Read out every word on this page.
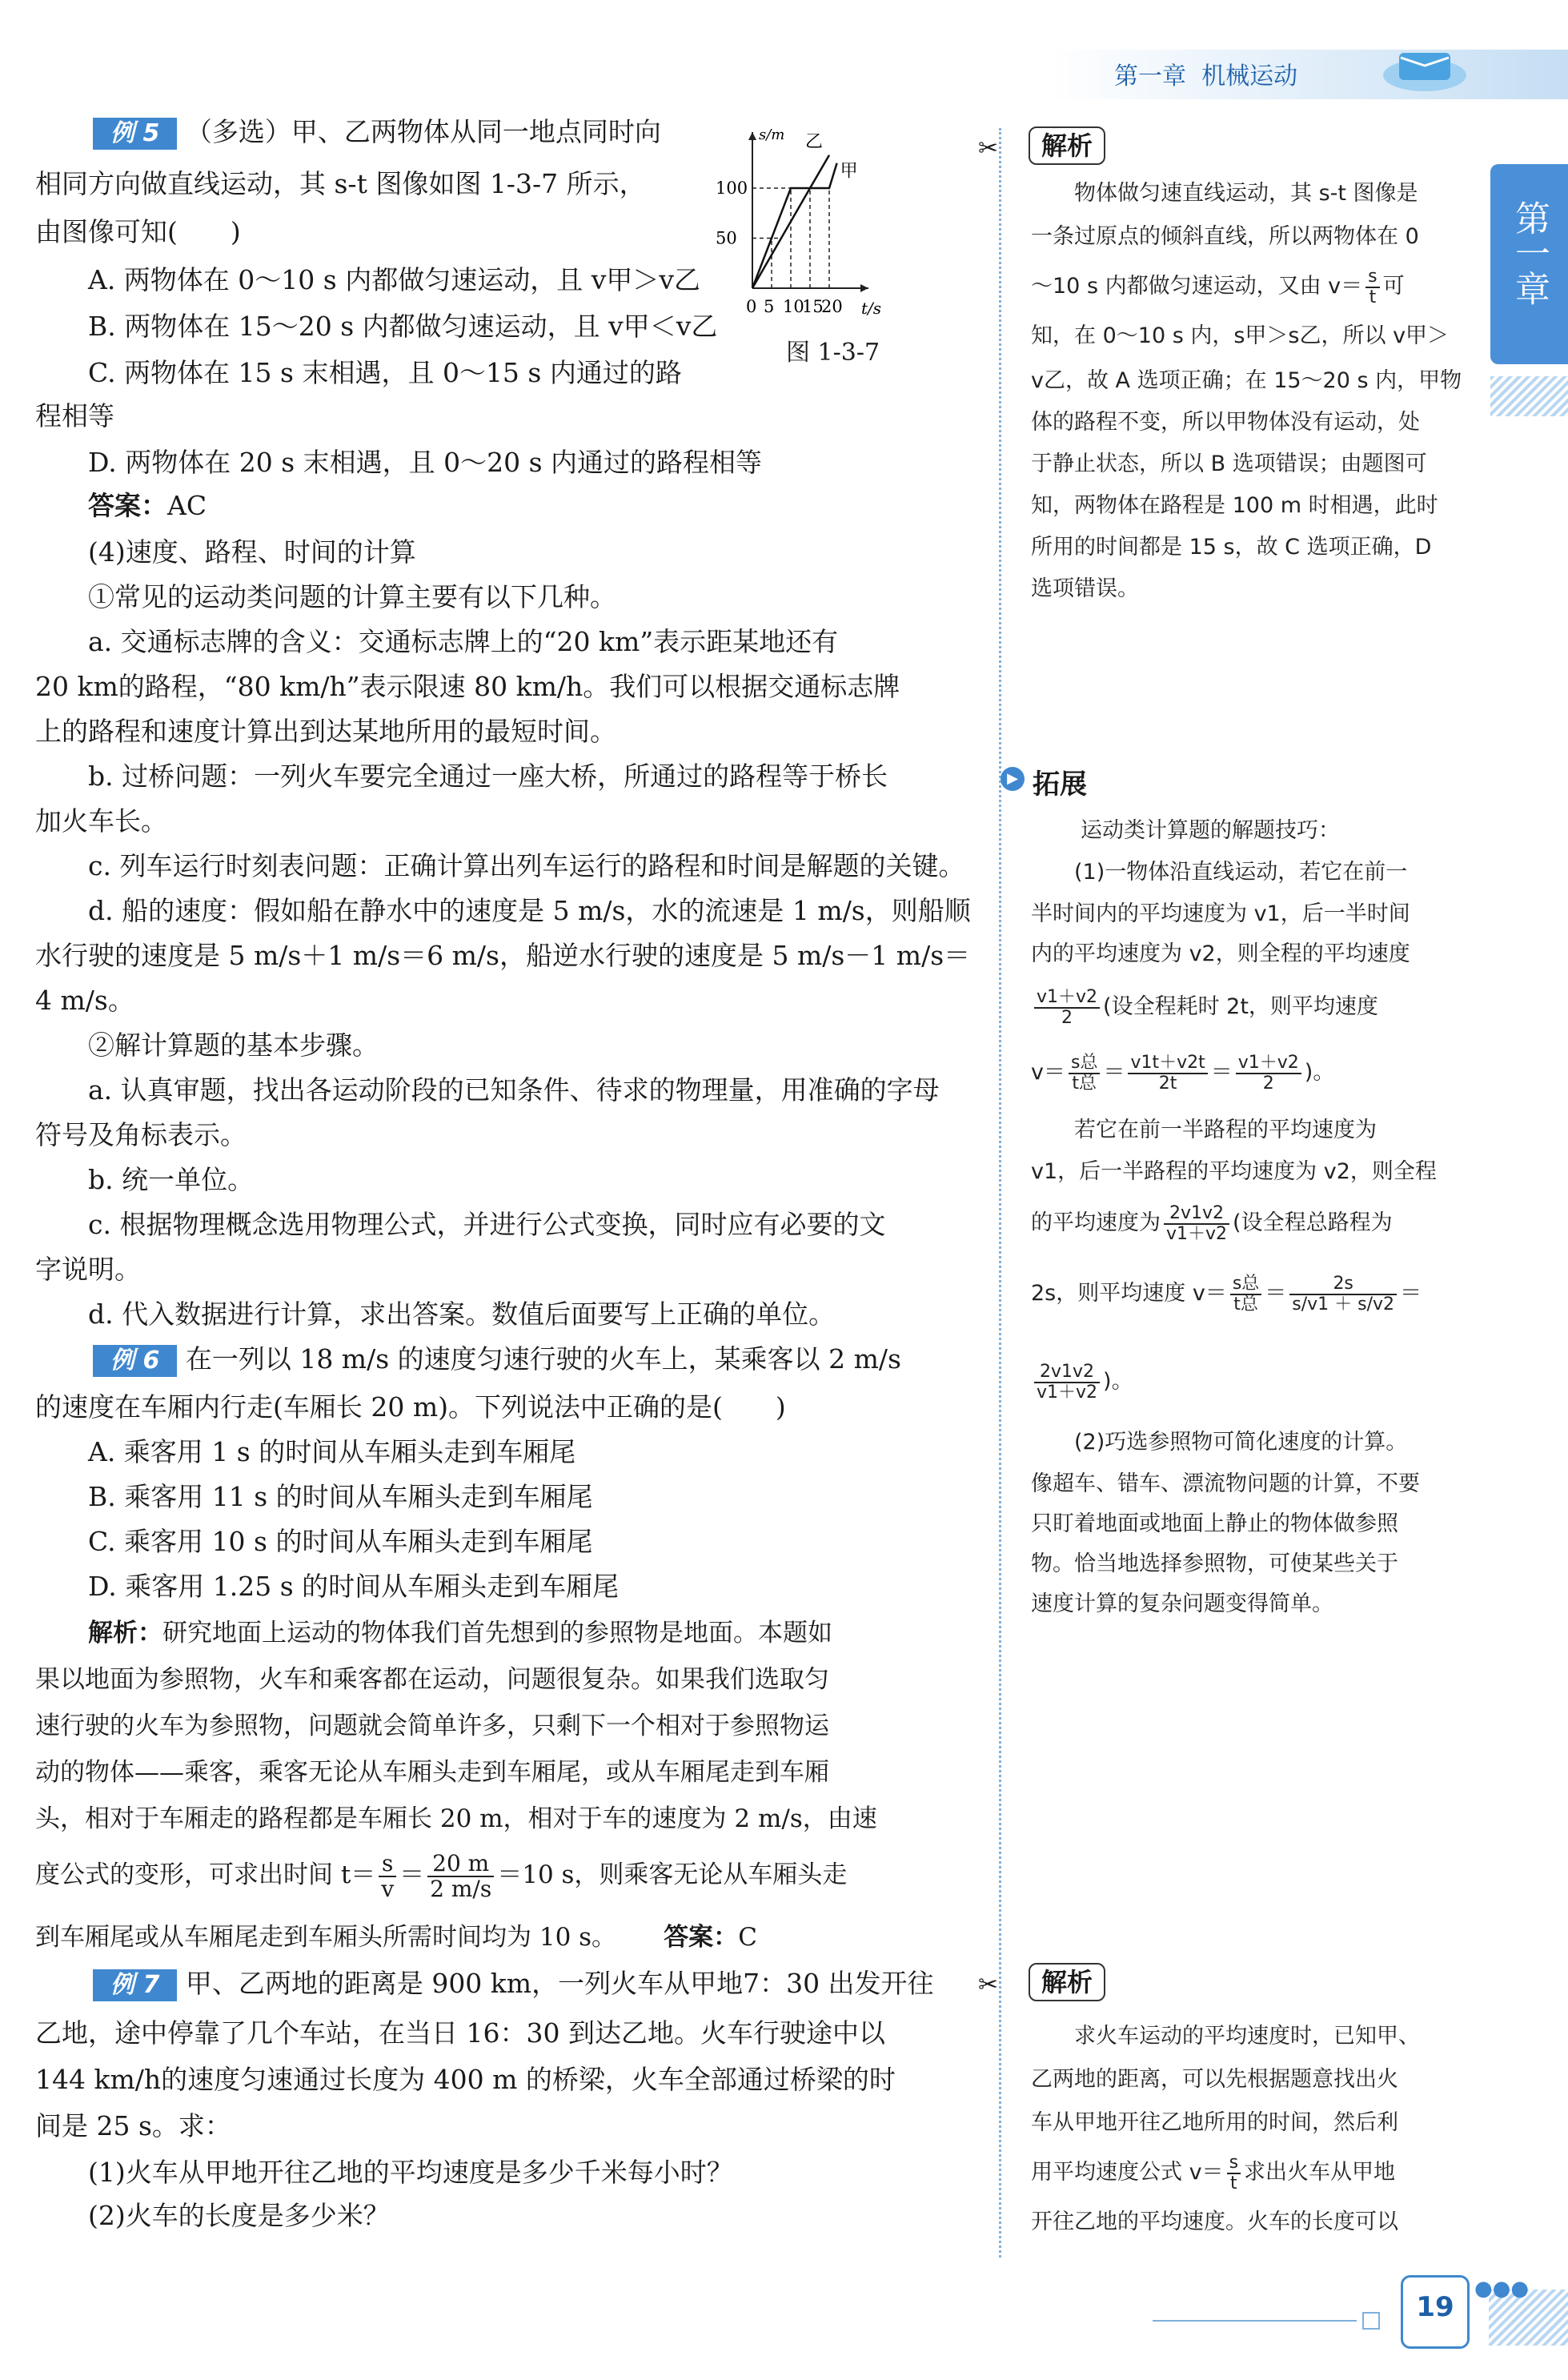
第一章 机械运动
第一章
例 5 （多选）甲、乙两物体从同一地点同时向
相同方向做直线运动，其 s-t 图像如图 1-3-7 所示，
由图像可知(　　)
A. 两物体在 0～10 s 内都做匀速运动，且 v甲＞v乙
B. 两物体在 15～20 s 内都做匀速运动，且 v甲＜v乙
C. 两物体在 15 s 末相遇，且 0～15 s 内通过的路
程相等
D. 两物体在 20 s 末相遇，且 0～20 s 内通过的路程相等
答案：AC
s/m
t/s
0 5 10
15
20
100
50
乙
甲
图 1-3-7
(4)速度、路程、时间的计算
①常见的运动类问题的计算主要有以下几种。
a. 交通标志牌的含义：交通标志牌上的“20 km”表示距某地还有
20 km的路程，“80 km/h”表示限速 80 km/h。我们可以根据交通标志牌
上的路程和速度计算出到达某地所用的最短时间。
b. 过桥问题：一列火车要完全通过一座大桥，所通过的路程等于桥长
加火车长。
c. 列车运行时刻表问题：正确计算出列车运行的路程和时间是解题的关键。
d. 船的速度：假如船在静水中的速度是 5 m/s，水的流速是 1 m/s，则船顺
水行驶的速度是 5 m/s＋1 m/s＝6 m/s，船逆水行驶的速度是 5 m/s－1 m/s＝
4 m/s。
②解计算题的基本步骤。
a. 认真审题，找出各运动阶段的已知条件、待求的物理量，用准确的字母
符号及角标表示。
b. 统一单位。
c. 根据物理概念选用物理公式，并进行公式变换，同时应有必要的文
字说明。
d. 代入数据进行计算，求出答案。数值后面要写上正确的单位。
例 6 在一列以 18 m/s 的速度匀速行驶的火车上，某乘客以 2 m/s
的速度在车厢内行走(车厢长 20 m)。下列说法中正确的是(　　)
A. 乘客用 1 s 的时间从车厢头走到车厢尾
B. 乘客用 11 s 的时间从车厢头走到车厢尾
C. 乘客用 10 s 的时间从车厢头走到车厢尾
D. 乘客用 1.25 s 的时间从车厢头走到车厢尾
解析：研究地面上运动的物体我们首先想到的参照物是地面。本题如
果以地面为参照物，火车和乘客都在运动，问题很复杂。如果我们选取匀
速行驶的火车为参照物，问题就会简单许多，只剩下一个相对于参照物运
动的物体——乘客，乘客无论从车厢头走到车厢尾，或从车厢尾走到车厢
头，相对于车厢走的路程都是车厢长 20 m，相对于车的速度为 2 m/s，由速
度公式的变形，可求出时间 $t= \frac{s}{v} = \frac{20 m}{2 m/s} =10$ s，则乘客无论从车厢头走
到车厢尾或从车厢尾走到车厢头所需时间均为 10 s。 答案：C
例 7 甲、乙两地的距离是 900 km，一列火车从甲地7：30 出发开往
乙地，途中停靠了几个车站，在当日 16：30 到达乙地。火车行驶途中以
144 km/h的速度匀速通过长度为 400 m 的桥梁，火车全部通过桥梁的时
间是 25 s。求：
(1)火车从甲地开往乙地的平均速度是多少千米每小时？
(2)火车的长度是多少米？
✂	解析
物体做匀速直线运动，其 s-t 图像是
一条过原点的倾斜直线，所以两物体在 0
～10 s 内都做匀速运动，又由 $v= \frac{s}{t}$ 可
知，在 0～10 s 内，s甲＞s乙，所以 v甲＞
v乙，故 A 选项正确；在 15～20 s 内，甲物
体的路程不变，所以甲物体没有运动，处
于静止状态，所以 B 选项错误；由题图可
知，两物体在路程是 100 m 时相遇，此时
所用的时间都是 15 s，故 C 选项正确，D
选项错误。
▶ 拓展
运动类计算题的解题技巧：
(1)一物体沿直线运动，若它在前一
半时间内的平均速度为 v1，后一半时间
内的平均速度为 v2，则全程的平均速度
$\frac{v1+v2}{2}$ (设全程耗时 2t，则平均速度
$v= \frac{\text{s总}}{\text{t总}} = \frac{v1t+v2t}{2t} = \frac{v1+v2}{2}$ )。
若它在前一半路程的平均速度为
v1，后一半路程的平均速度为 v2，则全程
的平均速度为 $\frac{2v1v2}{v1+v2}$ (设全程总路程为
2s，则平均速度 $v= \frac{\text{s总}}{\text{t总}} = \frac{2s}{s/v1 + s/v2}$ ＝
$\frac{2v1v2}{v1+v2}$ )。
(2)巧选参照物可简化速度的计算。
像超车、错车、漂流物问题的计算，不要
只盯着地面或地面上静止的物体做参照
物。恰当地选择参照物，可使某些关于
速度计算的复杂问题变得简单。
✂	解析
求火车运动的平均速度时，已知甲、
乙两地的距离，可以先根据题意找出火
车从甲地开往乙地所用的时间，然后利
用平均速度公式 $v= \frac{s}{t}$ 求出火车从甲地
开往乙地的平均速度。火车的长度可以
19
●●●
